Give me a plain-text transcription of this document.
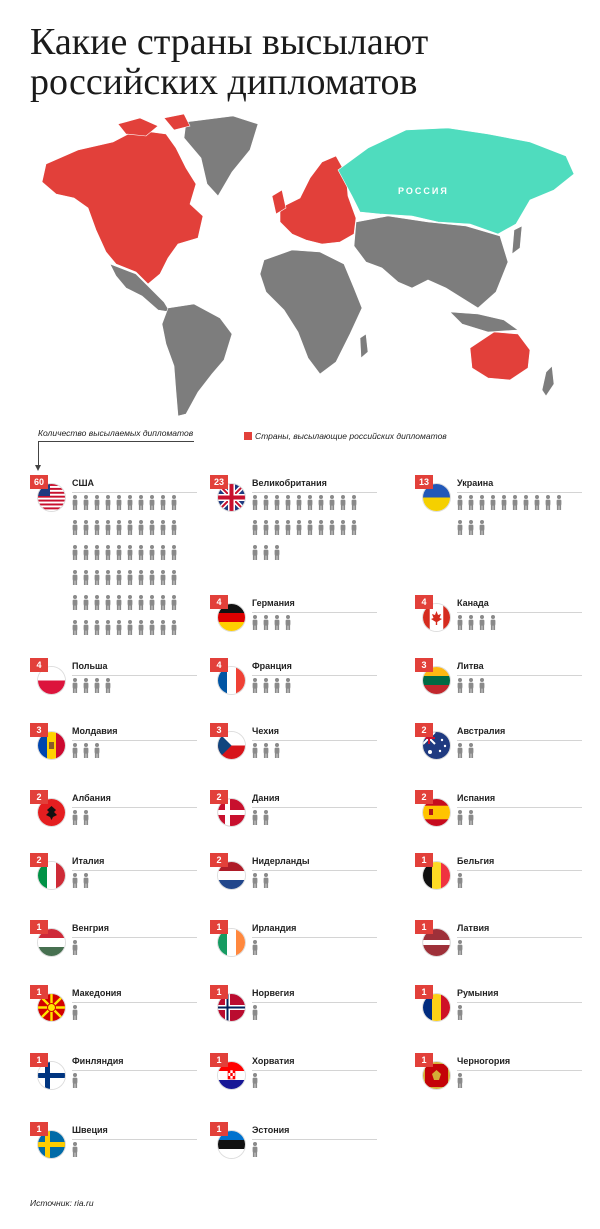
Какие страны высылают российских дипломатов
РОССИЯ
Количество высылаемых дипломатов	Страны, высылающие российских дипломатов
60	США	23	Великобритания	13	Украина
4	Германия	4	Канада
4	Польша	4	Франция	3	Литва
3	Молдавия	3	Чехия	2	Австралия
2	Албания	2	Дания	2	Испания
2	Италия	2	Нидерланды	1	Бельгия
1	Венгрия	1	Ирландия	1	Латвия
1	Македония	1	Норвегия	1	Румыния
1	Финляндия	1	Хорватия	1	Черногория
1	Швеция	1	Эстония
Источник: ria.ru
